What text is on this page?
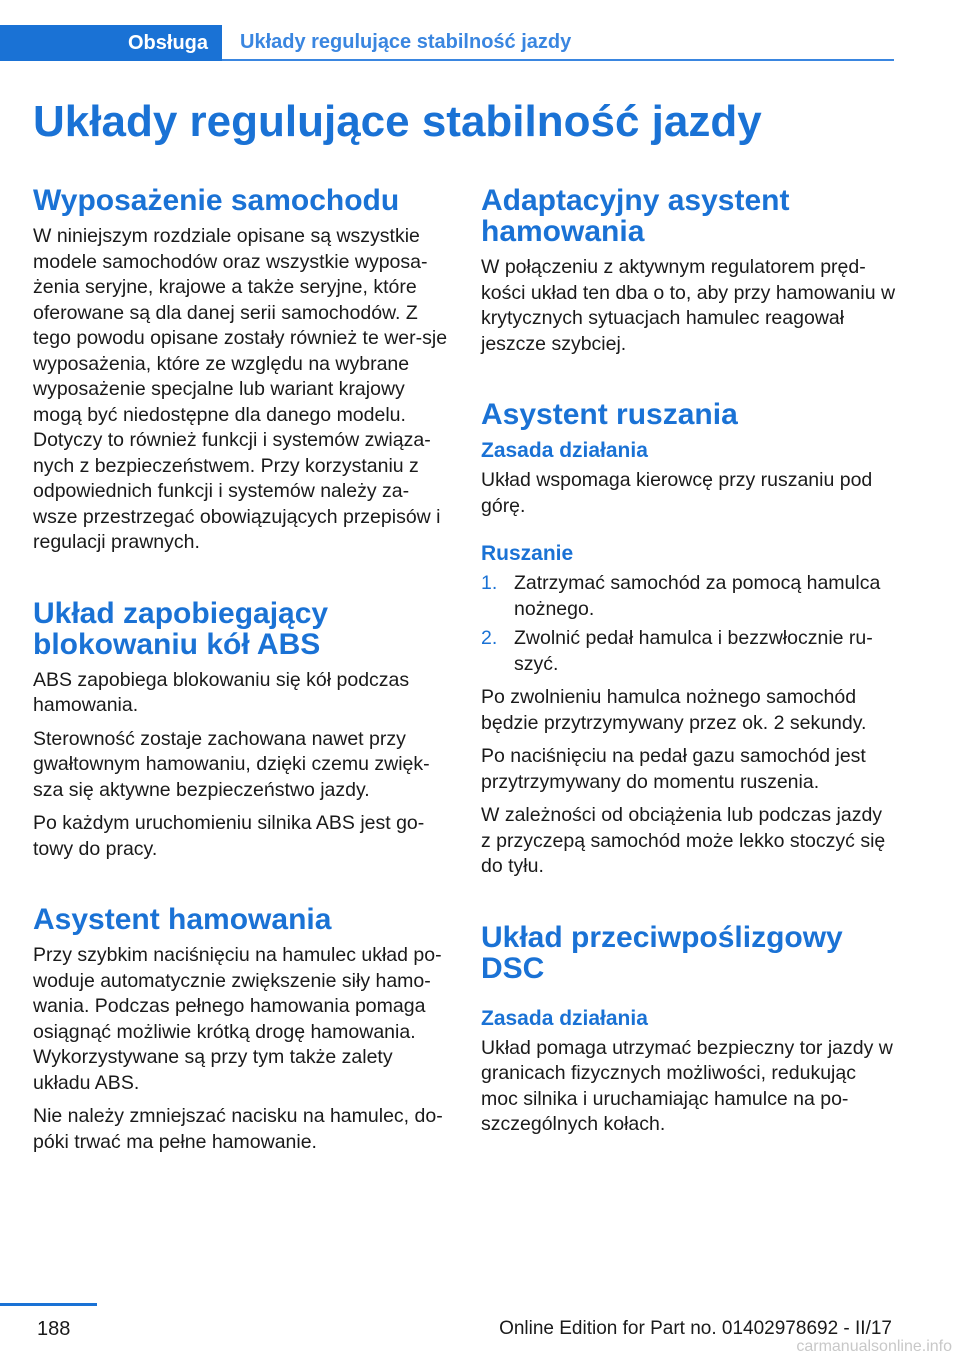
Obsługa	Układy regulujące stabilność jazdy
Układy regulujące stabilność jazdy
Wyposażenie samochodu

W niniejszym rozdziale opisane są wszystkie modele samochodów oraz wszystkie wyposa-żenia seryjne, krajowe a także seryjne, które oferowane są dla danej serii samochodów. Z tego powodu opisane zostały również te wer-sje wyposażenia, które ze względu na wybrane wyposażenie specjalne lub wariant krajowy mogą być niedostępne dla danego modelu. Dotyczy to również funkcji i systemów związa-nych z bezpieczeństwem. Przy korzystaniu z odpowiednich funkcji i systemów należy za-wsze przestrzegać obowiązujących przepisów i regulacji prawnych.

Układ zapobiegający blokowaniu kół ABS

ABS zapobiega blokowaniu się kół podczas hamowania.

Sterowność zostaje zachowana nawet przy gwałtownym hamowaniu, dzięki czemu zwięk-sza się aktywne bezpieczeństwo jazdy.

Po każdym uruchomieniu silnika ABS jest go-towy do pracy.

Asystent hamowania

Przy szybkim naciśnięciu na hamulec układ po-woduje automatycznie zwiększenie siły hamo-wania. Podczas pełnego hamowania pomaga osiągnąć możliwie krótką drogę hamowania. Wykorzystywane są przy tym także zalety układu ABS.

Nie należy zmniejszać nacisku na hamulec, do-póki trwać ma pełne hamowanie.

Adaptacyjny asystent hamowania

W połączeniu z aktywnym regulatorem pręd-kości układ ten dba o to, aby przy hamowaniu w krytycznych sytuacjach hamulec reagował jeszcze szybciej.

Asystent ruszania
Zasada działania

Układ wspomaga kierowcę przy ruszaniu pod górę.

Ruszanie
1. Zatrzymać samochód za pomocą hamulca nożnego.
2. Zwolnić pedał hamulca i bezzwłocznie ru-szyć.

Po zwolnieniu hamulca nożnego samochód będzie przytrzymywany przez ok. 2 sekundy.

Po naciśnięciu na pedał gazu samochód jest przytrzymywany do momentu ruszenia.

W zależności od obciążenia lub podczas jazdy z przyczepą samochód może lekko stoczyć się do tyłu.

Układ przeciwpoślizgowy DSC
Zasada działania

Układ pomaga utrzymać bezpieczny tor jazdy w granicach fizycznych możliwości, redukując moc silnika i uruchamiając hamulce na po-szczególnych kołach.

188	Online Edition for Part no. 01402978692 - II/17
carmanualsonline.info
